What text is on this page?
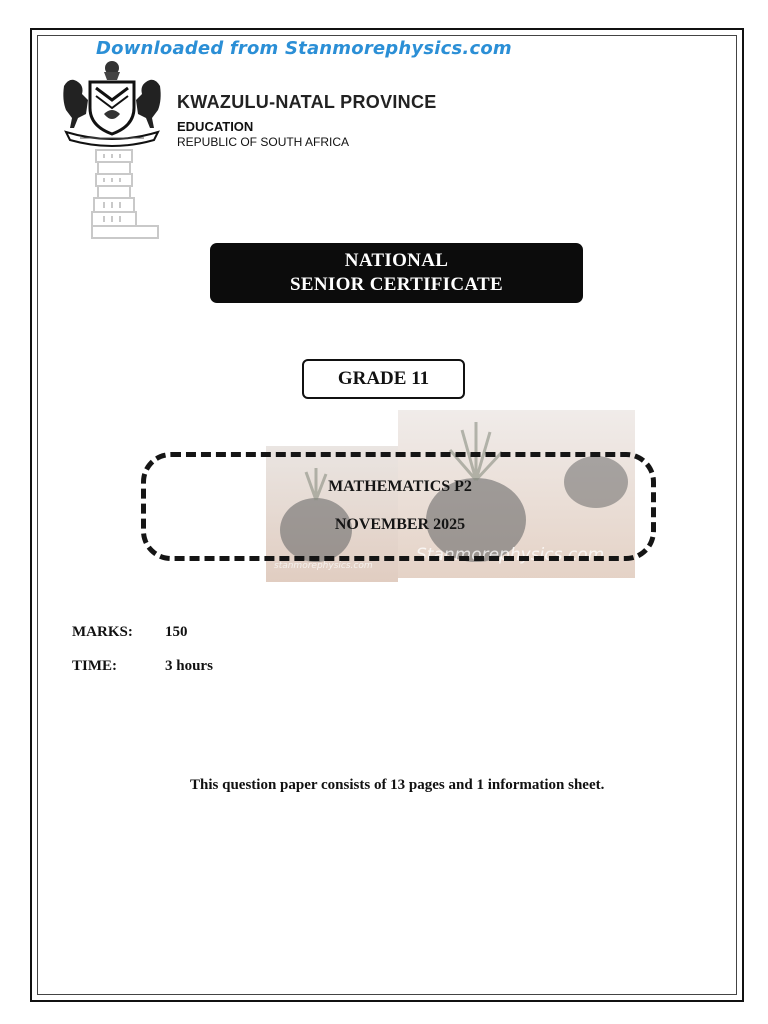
Downloaded from Stanmorephysics.com
KWAZULU-NATAL PROVINCE
EDUCATION
REPUBLIC OF SOUTH AFRICA
NATIONAL
SENIOR CERTIFICATE
GRADE 11
Stanmorephysics.com
stanmorephysics.com
MATHEMATICS P2
NOVEMBER 2025
MARKS: 150
TIME:	3 hours
This question paper consists of 13 pages and 1 information sheet.
